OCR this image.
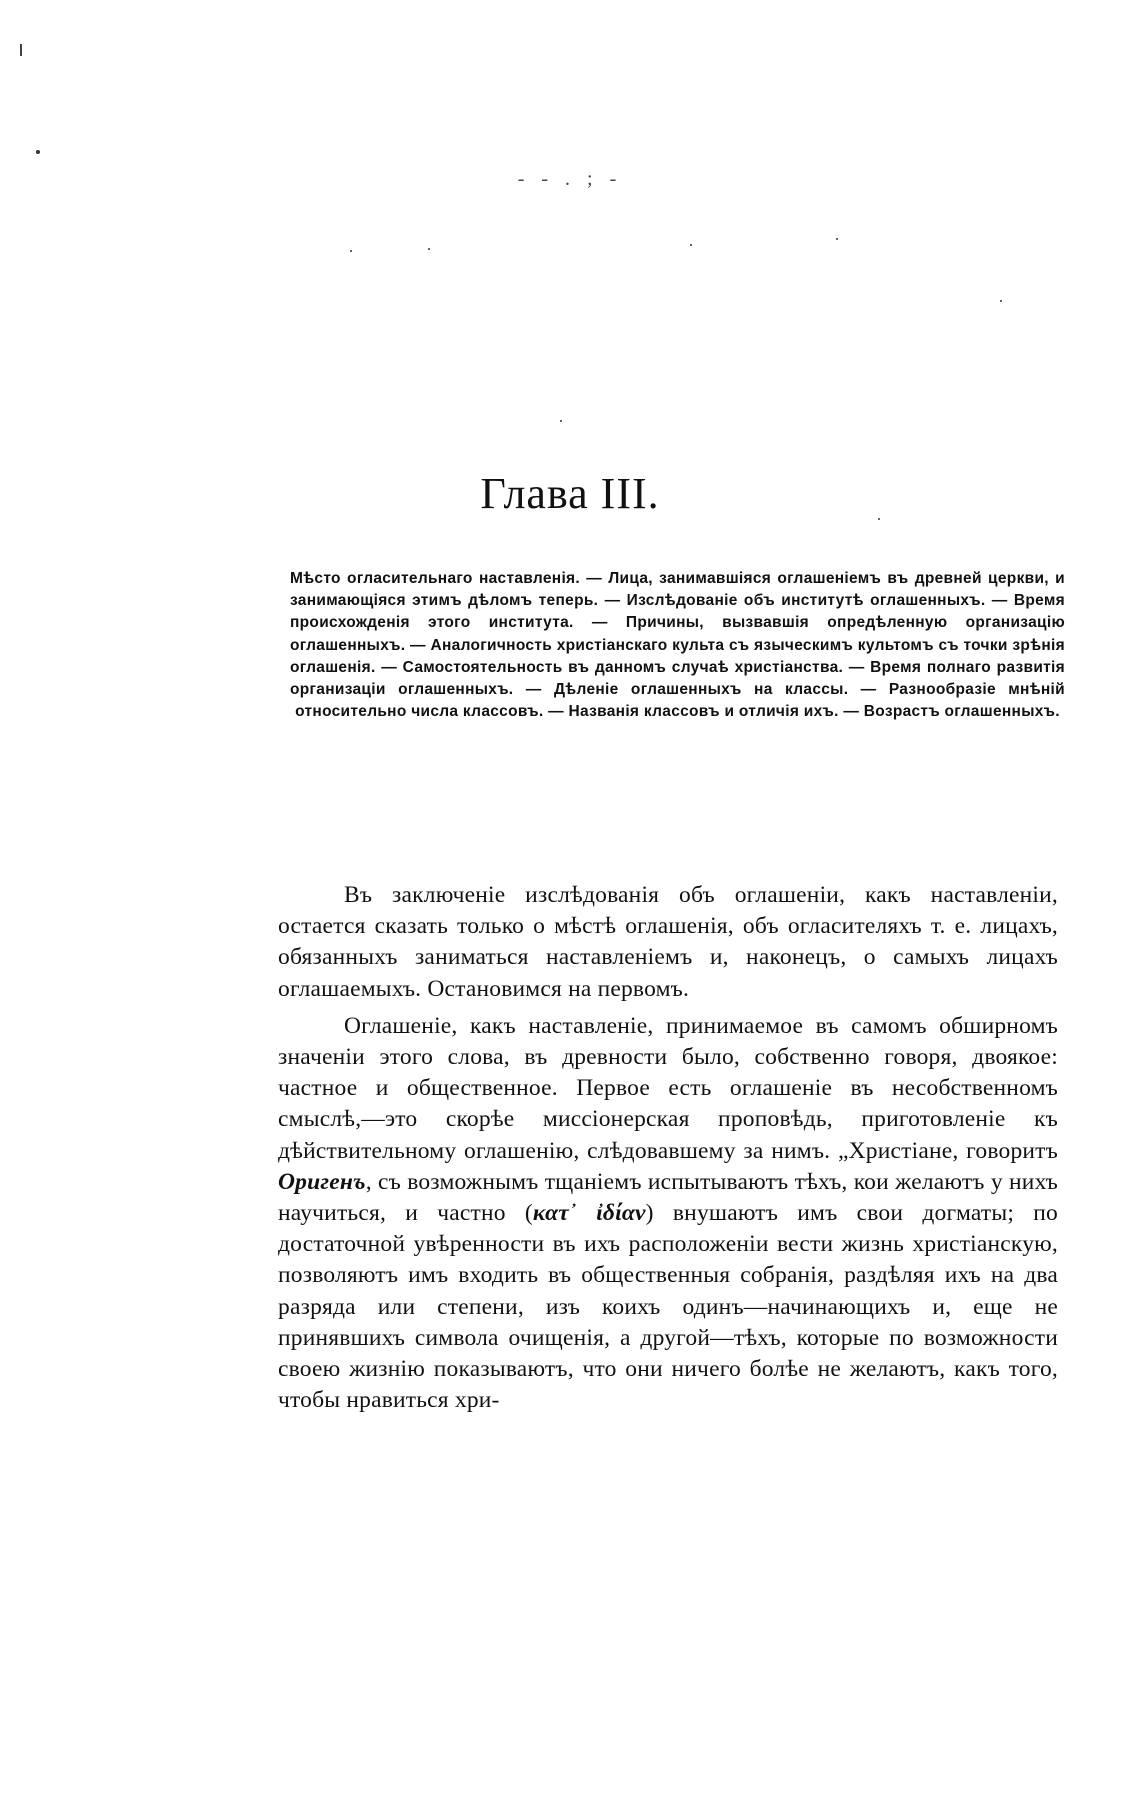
- - . ; -
Глава III.
Мѣсто огласительнаго наставленія. — Лица, занимавшіяся оглашеніемъ въ древней церкви, и занимающіяся этимъ дѣломъ теперь. — Изслѣдованіе объ институтѣ оглашенныхъ. — Время происхожденія этого института. — Причины, вызвавшія опредѣленную организацію оглашенныхъ. — Аналогичность христіанскаго культа съ языческимъ культомъ съ точки зрѣнія оглашенія. — Самостоятельность въ данномъ случаѣ христіанства. — Время полнаго развитія организаціи оглашенныхъ. — Дѣленіе оглашенныхъ на классы. — Разнообразіе мнѣній относительно числа классовъ. — Названія классовъ и отличія ихъ. — Возрастъ оглашенныхъ.

Въ заключеніе изслѣдованія объ оглашеніи, какъ наставленіи, остается сказать только о мѣстѣ оглашенія, объ огласителяхъ т. е. лицахъ, обязанныхъ заниматься наставленіемъ и, наконецъ, о самыхъ лицахъ оглашаемыхъ. Остановимся на первомъ.

Оглашеніе, какъ наставленіе, принимаемое въ самомъ обширномъ значеніи этого слова, въ древности было, собственно говоря, двоякое: частное и общественное. Первое есть оглашеніе въ несобственномъ смыслѣ,—это скорѣе миссіонерская проповѣдь, приготовленіе къ дѣйствительному оглашенію, слѣдовавшему за нимъ. „Христіане, говоритъ Оригенъ, съ возможнымъ тщаніемъ испытываютъ тѣхъ, кои желаютъ у нихъ научиться, и частно (κατ᾽ ἰδίαν) внушаютъ имъ свои догматы; по достаточной увѣренности въ ихъ расположеніи вести жизнь христіанскую, позволяютъ имъ входить въ общественныя собранія, раздѣляя ихъ на два разряда или степени, изъ коихъ одинъ—начинающихъ и, еще не принявшихъ символа очищенія, а другой—тѣхъ, которые по возможности своею жизнію показываютъ, что они ничего болѣе не желаютъ, какъ того, чтобы нравиться хри-
